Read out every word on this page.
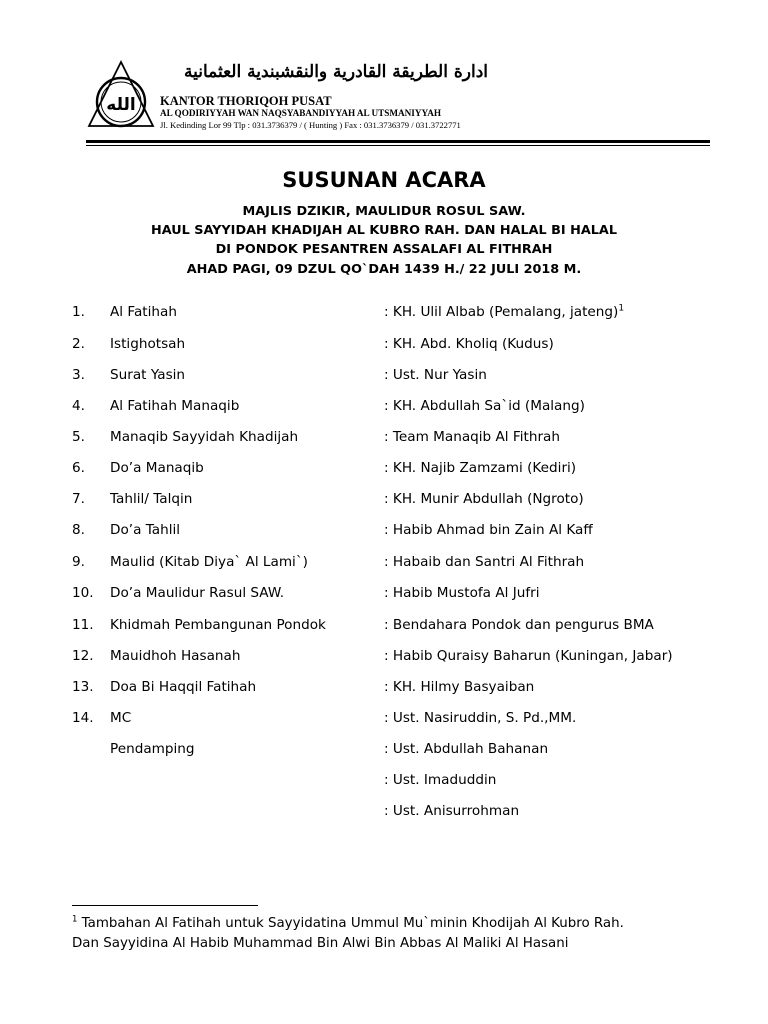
الله
ادارة الطريقة القادرية والنقشبندية العثمانية
KANTOR THORIQOH PUSAT
AL QODIRIYYAH WAN NAQSYABANDIYYAH AL UTSMANIYYAH
Jl. Kedinding Lor 99 Tlp : 031.3736379 / ( Hunting ) Fax : 031.3736379 / 031.3722771
SUSUNAN ACARA
MAJLIS DZIKIR, MAULIDUR ROSUL SAW.
HAUL SAYYIDAH KHADIJAH AL KUBRO RAH. DAN HALAL BI HALAL
DI PONDOK PESANTREN ASSALAFI AL FITHRAH
AHAD PAGI, 09 DZUL QO`DAH 1439 H./ 22 JULI 2018 M.
1. Al Fatihah	: KH. Ulil Albab (Pemalang, jateng)$^1$
2. Istighotsah	: KH. Abd. Kholiq (Kudus)
3. Surat Yasin	: Ust. Nur Yasin
4. Al Fatihah Manaqib	: KH. Abdullah Sa`id (Malang)
5. Manaqib Sayyidah Khadijah	: Team Manaqib Al Fithrah
6. Do’a Manaqib	: KH. Najib Zamzami (Kediri)
7. Tahlil/ Talqin	: KH. Munir Abdullah (Ngroto)
8. Do’a Tahlil	: Habib Ahmad bin Zain Al Kaff
9. Maulid (Kitab Diya` Al Lami`)	: Habaib dan Santri Al Fithrah
10. Do’a Maulidur Rasul SAW.	: Habib Mustofa Al Jufri
11. Khidmah Pembangunan Pondok	: Bendahara Pondok dan pengurus BMA
12. Mauidhoh Hasanah	: Habib Quraisy Baharun (Kuningan, Jabar)
13. Doa Bi Haqqil Fatihah	: KH. Hilmy Basyaiban
14. MC	: Ust. Nasiruddin, S. Pd.,MM.
Pendamping	: Ust. Abdullah Bahanan
: Ust. Imaduddin
: Ust. Anisurrohman
$^1$ Tambahan Al Fatihah untuk Sayyidatina Ummul Mu`minin Khodijah Al Kubro Rah.
Dan Sayyidina Al Habib Muhammad Bin Alwi Bin Abbas Al Maliki Al Hasani
